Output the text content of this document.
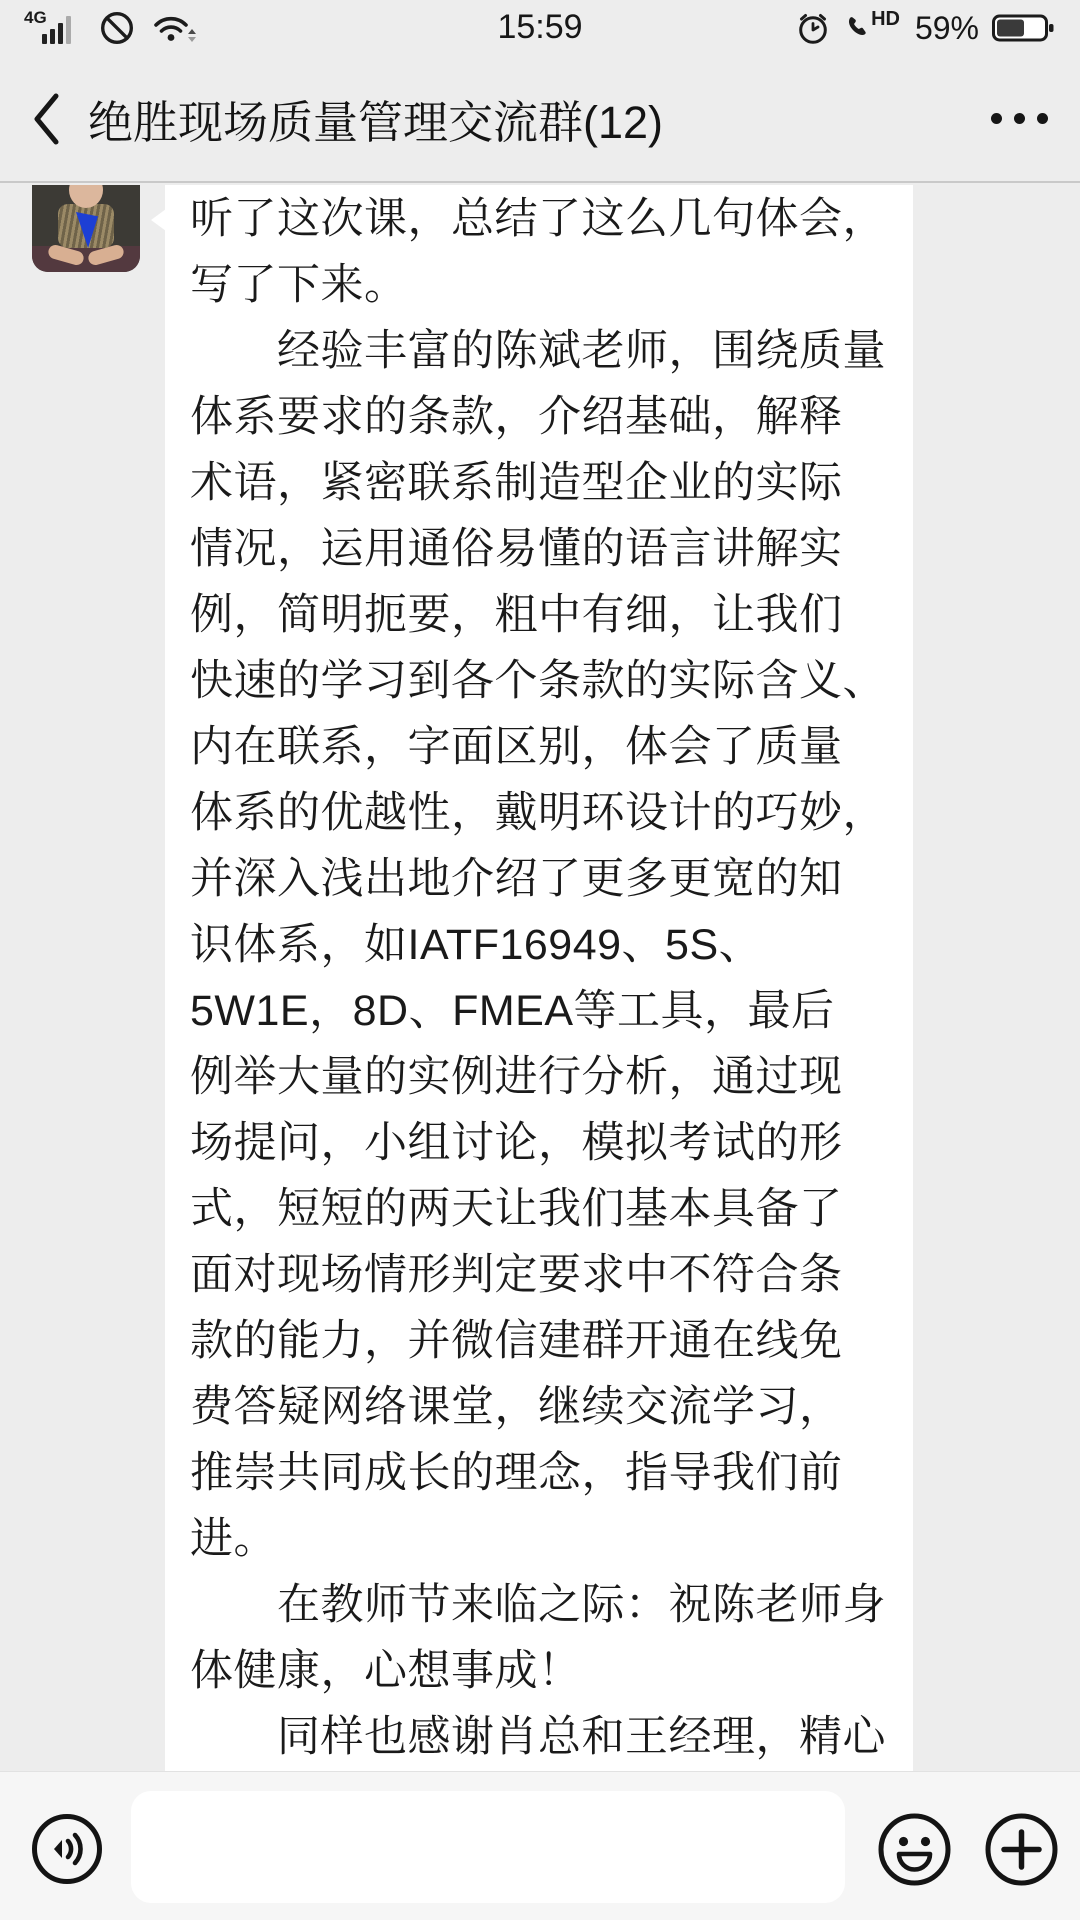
4G	15:59	HD 59%
绝胜现场质量管理交流群(12)
听了这次课，总结了这么几句体会，
写了下来。
　　经验丰富的陈斌老师，围绕质量
体系要求的条款，介绍基础，解释
术语，紧密联系制造型企业的实际
情况，运用通俗易懂的语言讲解实
例，简明扼要，粗中有细，让我们
快速的学习到各个条款的实际含义、
内在联系，字面区别，体会了质量
体系的优越性，戴明环设计的巧妙，
并深入浅出地介绍了更多更宽的知
识体系，如IATF16949、5S、
5W1E，8D、FMEA等工具，最后
例举大量的实例进行分析，通过现
场提问，小组讨论，模拟考试的形
式，短短的两天让我们基本具备了
面对现场情形判定要求中不符合条
款的能力，并微信建群开通在线免
费答疑网络课堂，继续交流学习，
推崇共同成长的理念，指导我们前
进。
　　在教师节来临之际：祝陈老师身
体健康，心想事成！
　　同样也感谢肖总和王经理，精心
